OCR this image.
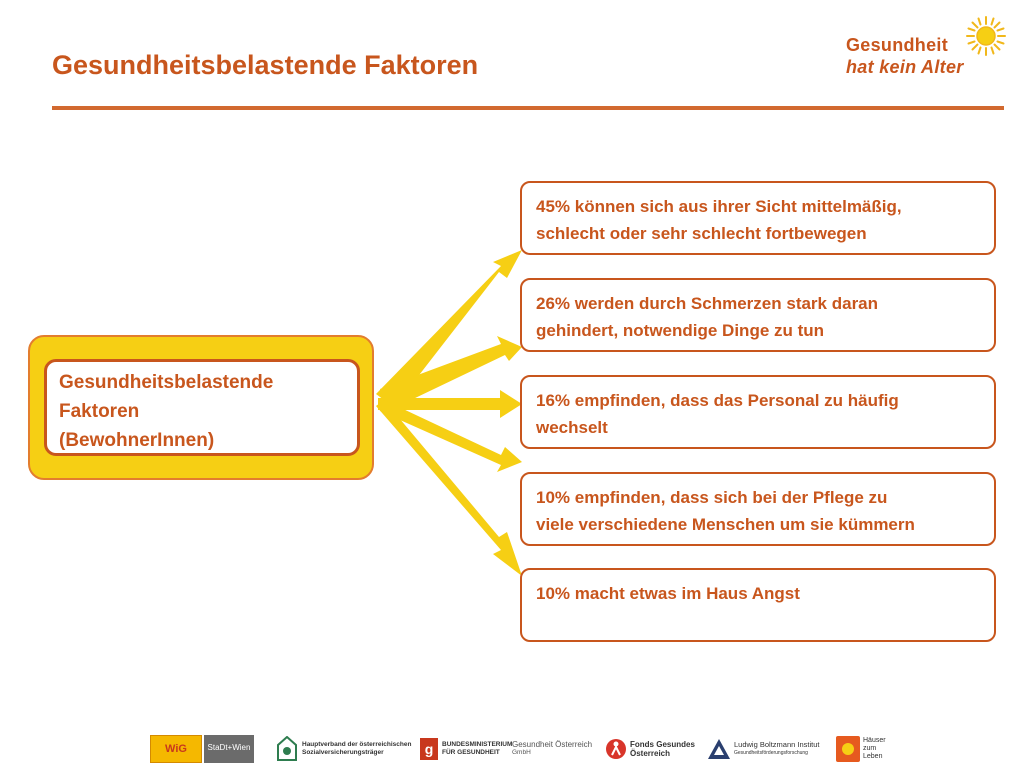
Gesundheitsbelastende Faktoren
Gesundheit
hat kein Alter
Gesundheitsbelastende
Faktoren
(BewohnerInnen)
45% können sich aus ihrer Sicht mittelmäßig,
schlecht oder sehr schlecht fortbewegen
26% werden durch Schmerzen stark daran
gehindert, notwendige Dinge zu tun
16% empfinden, dass das Personal zu häufig
wechselt
10% empfinden, dass sich bei der Pflege zu
viele verschiedene Menschen um sie kümmern
10% macht etwas im Haus Angst
WiG	StaDt+Wien	Hauptverband der österreichischen
Sozialversicherungsträger	g	BUNDESMINISTERIUM
FÜR GESUNDHEIT
Gesundheit Österreich
GmbH
Fonds Gesundes
Österreich
Ludwig Boltzmann Institut
Gesundheitsförderungsforschung
Häuser
zum
Leben
